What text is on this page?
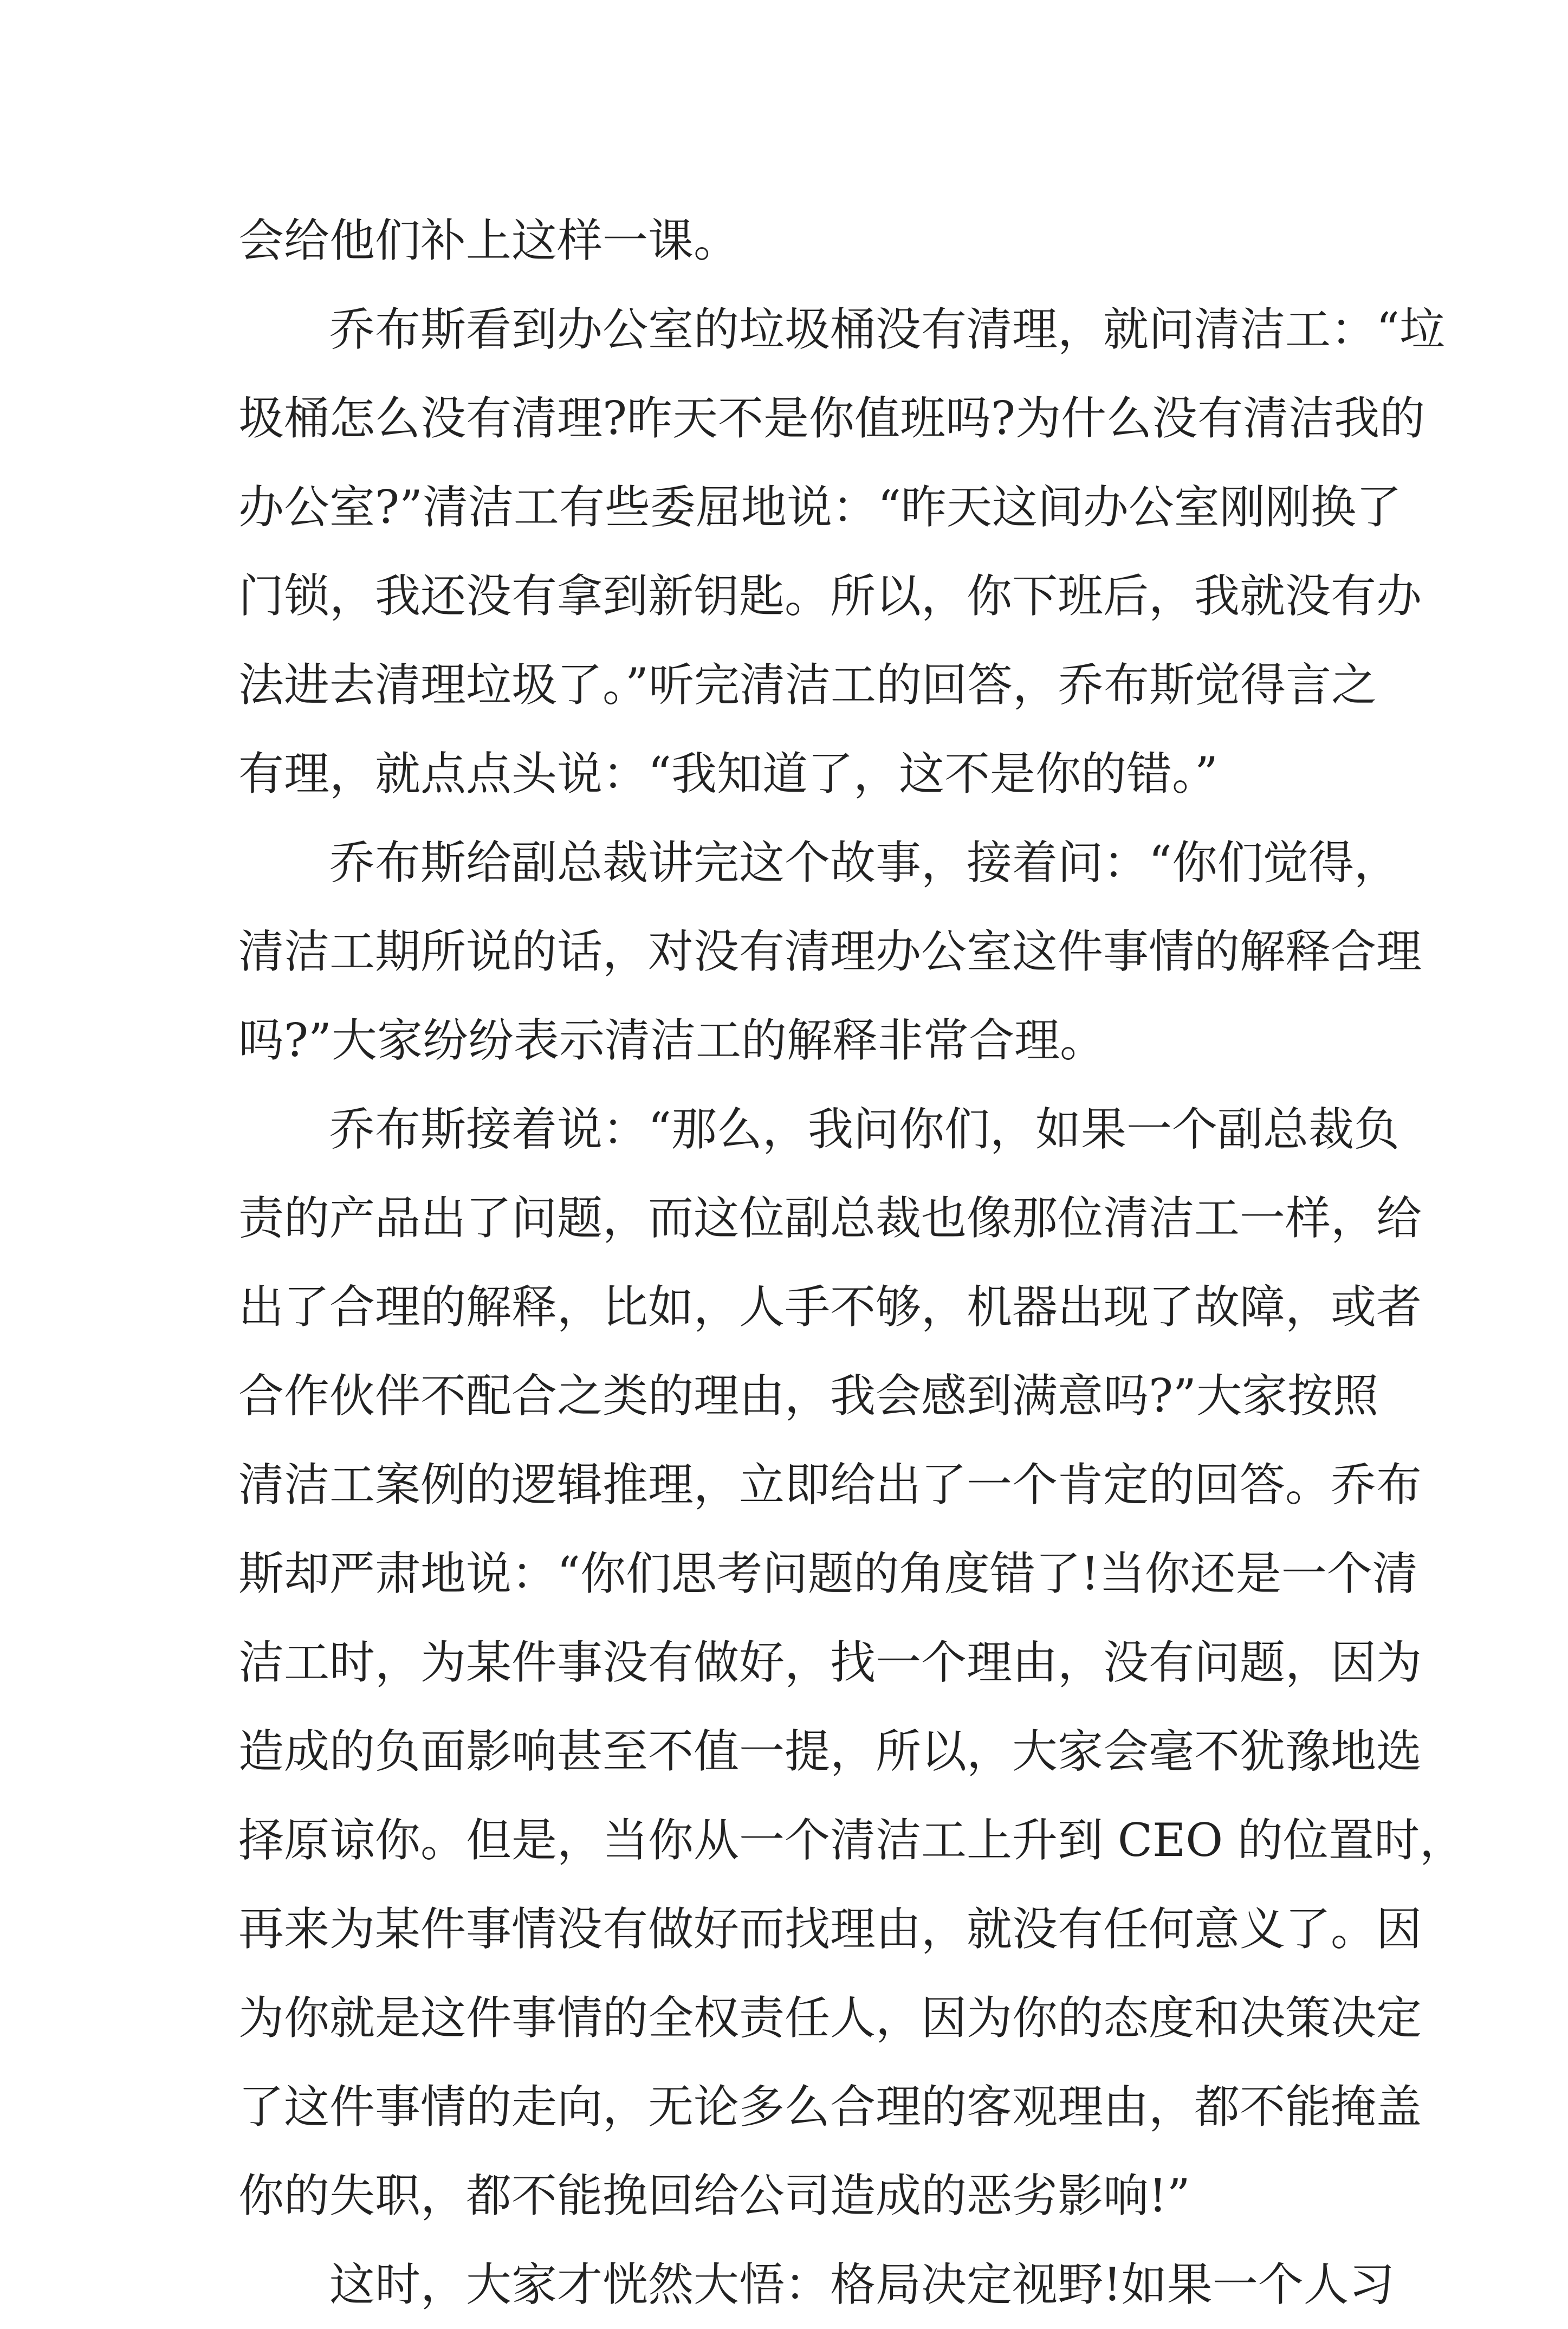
会给他们补上这样一课。
乔布斯看到办公室的垃圾桶没有清理，就问清洁工：“垃
圾桶怎么没有清理?昨天不是你值班吗?为什么没有清洁我的
办公室?”清洁工有些委屈地说：“昨天这间办公室刚刚换了
门锁，我还没有拿到新钥匙。所以，你下班后，我就没有办
法进去清理垃圾了。”听完清洁工的回答，乔布斯觉得言之
有理，就点点头说：“我知道了，这不是你的错。”
乔布斯给副总裁讲完这个故事，接着问：“你们觉得，
清洁工期所说的话，对没有清理办公室这件事情的解释合理
吗?”大家纷纷表示清洁工的解释非常合理。
乔布斯接着说：“那么，我问你们，如果一个副总裁负
责的产品出了问题，而这位副总裁也像那位清洁工一样，给
出了合理的解释，比如，人手不够，机器出现了故障，或者
合作伙伴不配合之类的理由，我会感到满意吗?”大家按照
清洁工案例的逻辑推理，立即给出了一个肯定的回答。乔布
斯却严肃地说：“你们思考问题的角度错了!当你还是一个清
洁工时，为某件事没有做好，找一个理由，没有问题，因为
造成的负面影响甚至不值一提，所以，大家会毫不犹豫地选
择原谅你。但是，当你从一个清洁工上升到 CEO 的位置时，
再来为某件事情没有做好而找理由，就没有任何意义了。因
为你就是这件事情的全权责任人，因为你的态度和决策决定
了这件事情的走向，无论多么合理的客观理由，都不能掩盖
你的失职，都不能挽回给公司造成的恶劣影响!”
这时，大家才恍然大悟：格局决定视野!如果一个人习
